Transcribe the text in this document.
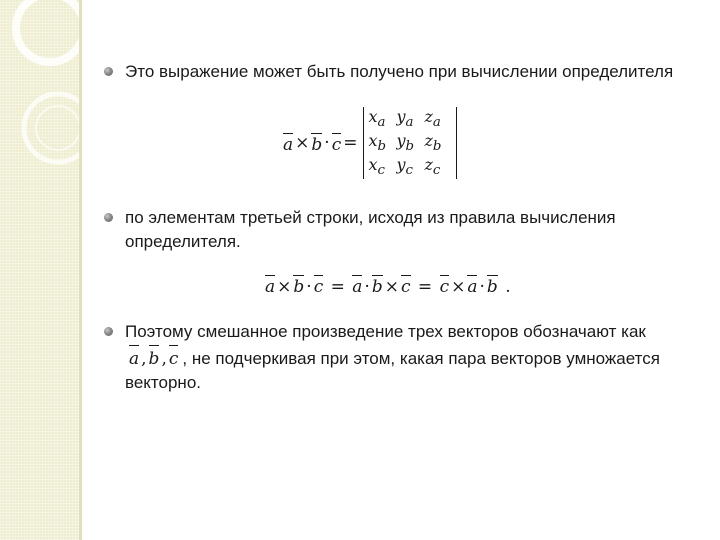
Это выражение может быть получено при вычислении определителя
a × b · c =
$x_a$ $y_a$ $z_a$
$x_b$ $y_b$ $z_b$
$x_c$ $y_c$ $z_c$
по элементам третьей строки, исходя из правила вычисления определителя.
a × b · c = a · b × c = c × a · b .
Поэтому смешанное произведение трех векторов обозначают как a , b , c , не подчеркивая при этом, какая пара векторов умножается векторно.
